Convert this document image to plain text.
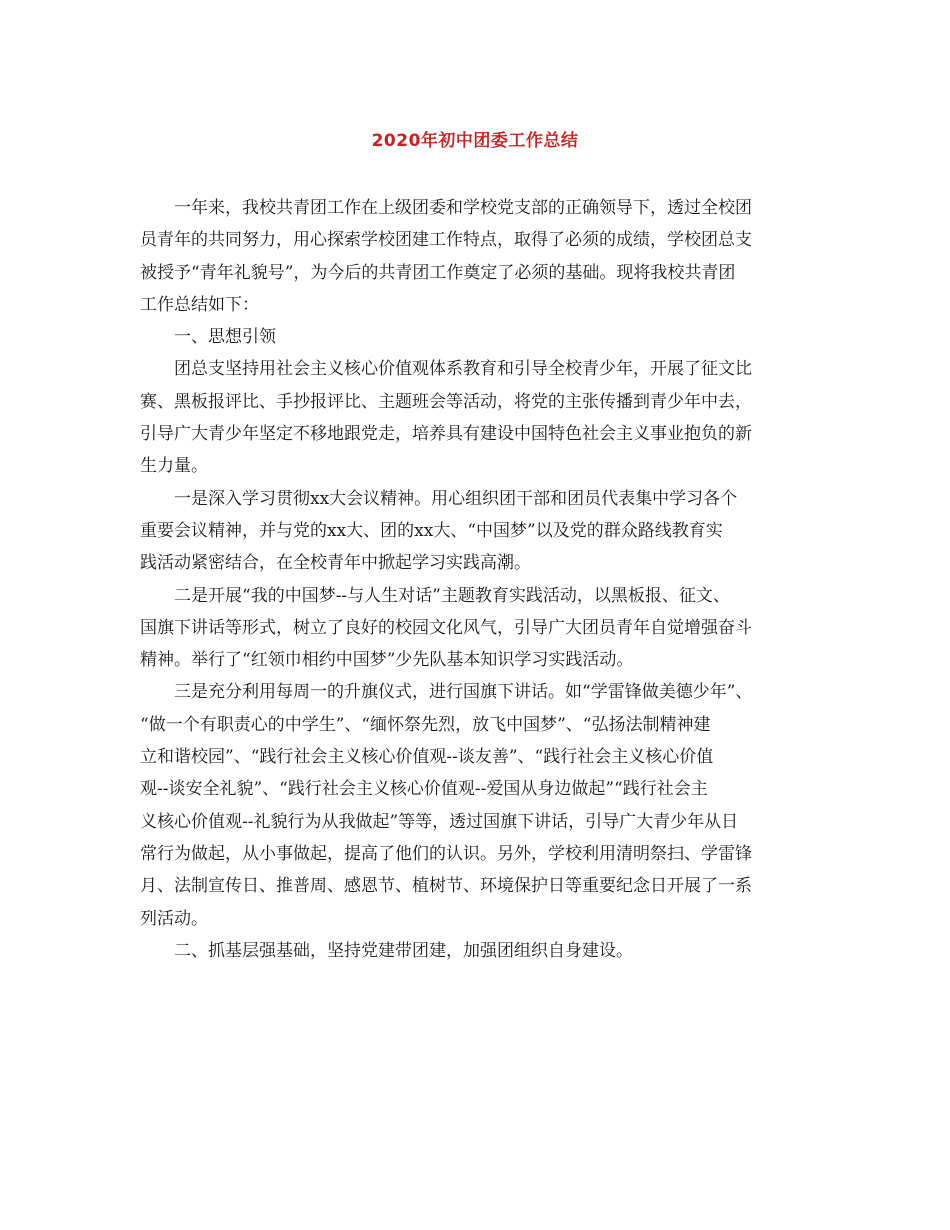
2020年初中团委工作总结

一年来，我校共青团工作在上级团委和学校党支部的正确领导下，透过全校团
员青年的共同努力，用心探索学校团建工作特点，取得了必须的成绩，学校团总支
被授予“青年礼貌号”，为今后的共青团工作奠定了必须的基础。现将我校共青团
工作总结如下：

一、思想引领

团总支坚持用社会主义核心价值观体系教育和引导全校青少年，开展了征文比
赛、黑板报评比、手抄报评比、主题班会等活动，将党的主张传播到青少年中去，
引导广大青少年坚定不移地跟党走，培养具有建设中国特色社会主义事业抱负的新
生力量。

一是深入学习贯彻xx大会议精神。用心组织团干部和团员代表集中学习各个
重要会议精神，并与党的xx大、团的xx大、“中国梦”以及党的群众路线教育实
践活动紧密结合，在全校青年中掀起学习实践高潮。

二是开展“我的中国梦--与人生对话”主题教育实践活动，以黑板报、征文、
国旗下讲话等形式，树立了良好的校园文化风气，引导广大团员青年自觉增强奋斗
精神。举行了“红领巾相约中国梦”少先队基本知识学习实践活动。

三是充分利用每周一的升旗仪式，进行国旗下讲话。如“学雷锋做美德少年”、
“做一个有职责心的中学生”、“缅怀祭先烈，放飞中国梦”、“弘扬法制精神建
立和谐校园”、“践行社会主义核心价值观--谈友善”、“践行社会主义核心价值
观--谈安全礼貌”、“践行社会主义核心价值观--爱国从身边做起”“践行社会主
义核心价值观--礼貌行为从我做起”等等，透过国旗下讲话，引导广大青少年从日
常行为做起，从小事做起，提高了他们的认识。另外，学校利用清明祭扫、学雷锋
月、法制宣传日、推普周、感恩节、植树节、环境保护日等重要纪念日开展了一系
列活动。

二、抓基层强基础，坚持党建带团建，加强团组织自身建设。
